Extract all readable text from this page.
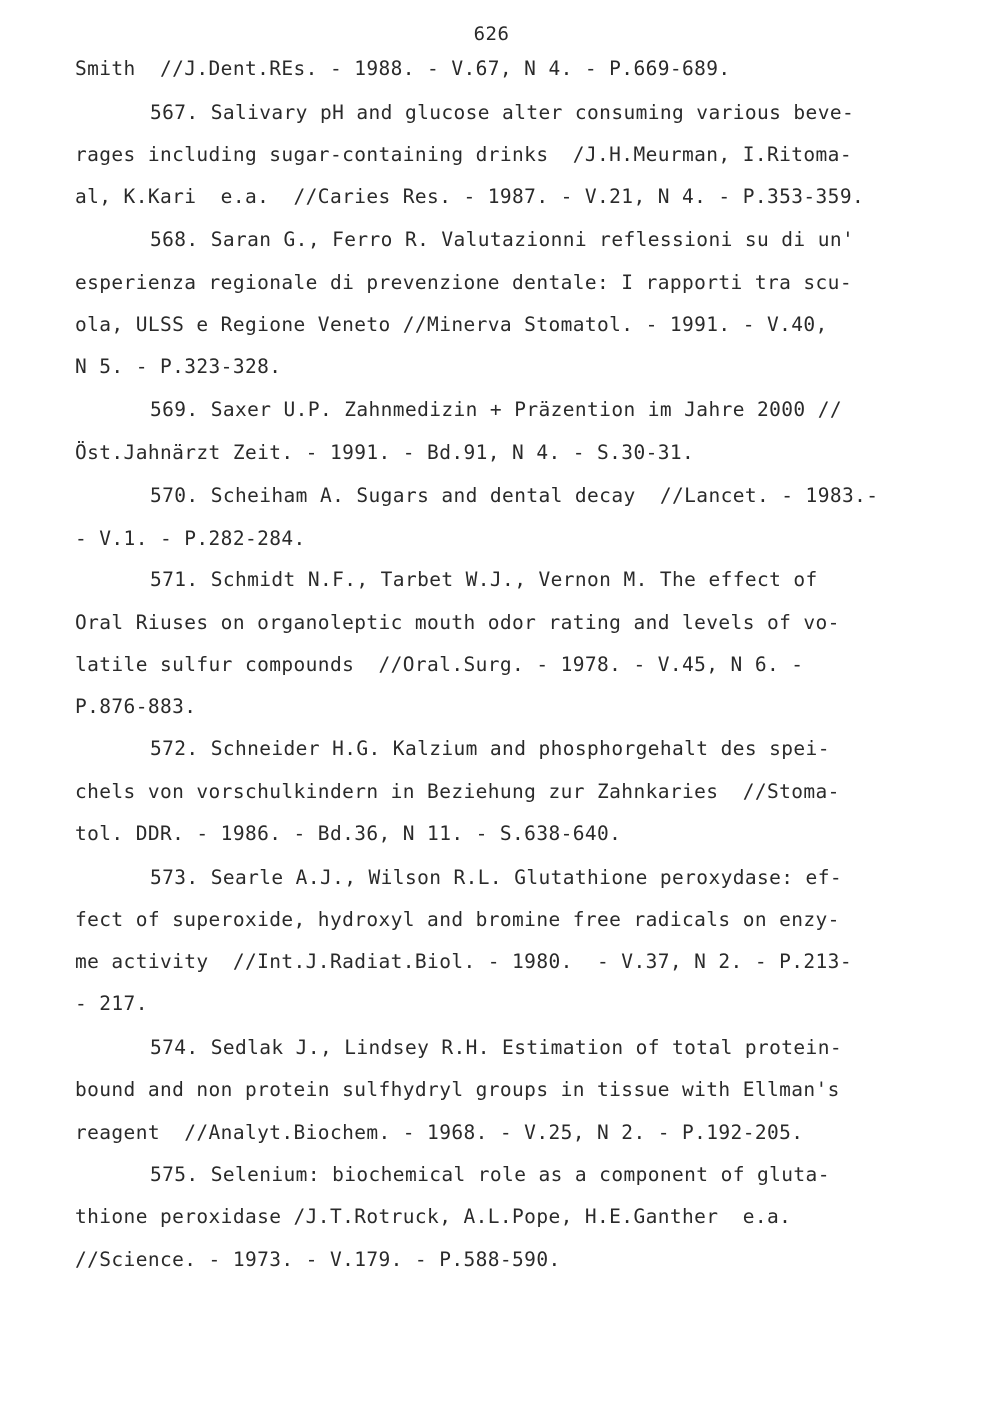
626
Smith  //J.Dent.REs. - 1988. - V.67, N 4. - P.669-689.
567. Salivary pH and glucose alter consuming various beve-
rages including sugar-containing drinks  /J.H.Meurman, I.Ritoma-
al, K.Kari  e.a.  //Caries Res. - 1987. - V.21, N 4. - P.353-359.
568. Saran G., Ferro R. Valutazionni reflessioni su di un'
esperienza regionale di prevenzione dentale: I rapporti tra scu-
ola, ULSS e Regione Veneto //Minerva Stomatol. - 1991. - V.40,
N 5. - P.323-328.
569. Saxer U.P. Zahnmedizin + Präzention im Jahre 2000 //
Öst.Jahnärzt Zeit. - 1991. - Bd.91, N 4. - S.30-31.
570. Scheiham A. Sugars and dental decay  //Lancet. - 1983.-
- V.1. - P.282-284.
571. Schmidt N.F., Tarbet W.J., Vernon M. The effect of
Oral Riuses on organoleptic mouth odor rating and levels of vo-
latile sulfur compounds  //Oral.Surg. - 1978. - V.45, N 6. -
P.876-883.
572. Schneider H.G. Kalzium and phosphorgehalt des spei-
chels von vorschulkindern in Beziehung zur Zahnkaries  //Stoma-
tol. DDR. - 1986. - Bd.36, N 11. - S.638-640.
573. Searle A.J., Wilson R.L. Glutathione peroxydase: ef-
fect of superoxide, hydroxyl and bromine free radicals on enzy-
me activity  //Int.J.Radiat.Biol. - 1980.  - V.37, N 2. - P.213-
- 217.
574. Sedlak J., Lindsey R.H. Estimation of total protein-
bound and non protein sulfhydryl groups in tissue with Ellman's
reagent  //Analyt.Biochem. - 1968. - V.25, N 2. - P.192-205.
575. Selenium: biochemical role as a component of gluta-
thione peroxidase /J.T.Rotruck, A.L.Pope, H.E.Ganther  e.a.
//Science. - 1973. - V.179. - P.588-590.
